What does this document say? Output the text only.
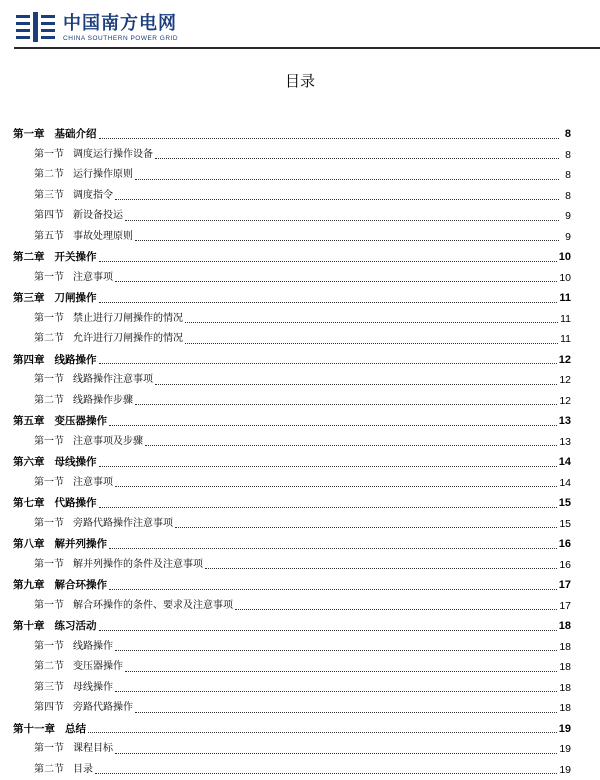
中国南方电网
CHINA SOUTHERN POWER GRID
目录
第一章 基础介绍	8
第一节 调度运行操作设备	8
第二节 运行操作原则	8
第三节 调度指令	8
第四节 新设备投运	9
第五节 事故处理原则	9
第二章 开关操作	10
第一节 注意事项	10
第三章 刀闸操作	11
第一节 禁止进行刀闸操作的情况	11
第二节 允许进行刀闸操作的情况	11
第四章 线路操作	12
第一节 线路操作注意事项	12
第二节 线路操作步骤	12
第五章 变压器操作	13
第一节 注意事项及步骤	13
第六章 母线操作	14
第一节 注意事项	14
第七章 代路操作	15
第一节 旁路代路操作注意事项	15
第八章 解并列操作	16
第一节 解并列操作的条件及注意事项	16
第九章 解合环操作	17
第一节 解合环操作的条件、要求及注意事项	17
第十章 练习活动	18
第一节 线路操作	18
第二节 变压器操作	18
第三节 母线操作	18
第四节 旁路代路操作	18
第十一章 总结	19
第一节 课程目标	19
第二节 目录	19
